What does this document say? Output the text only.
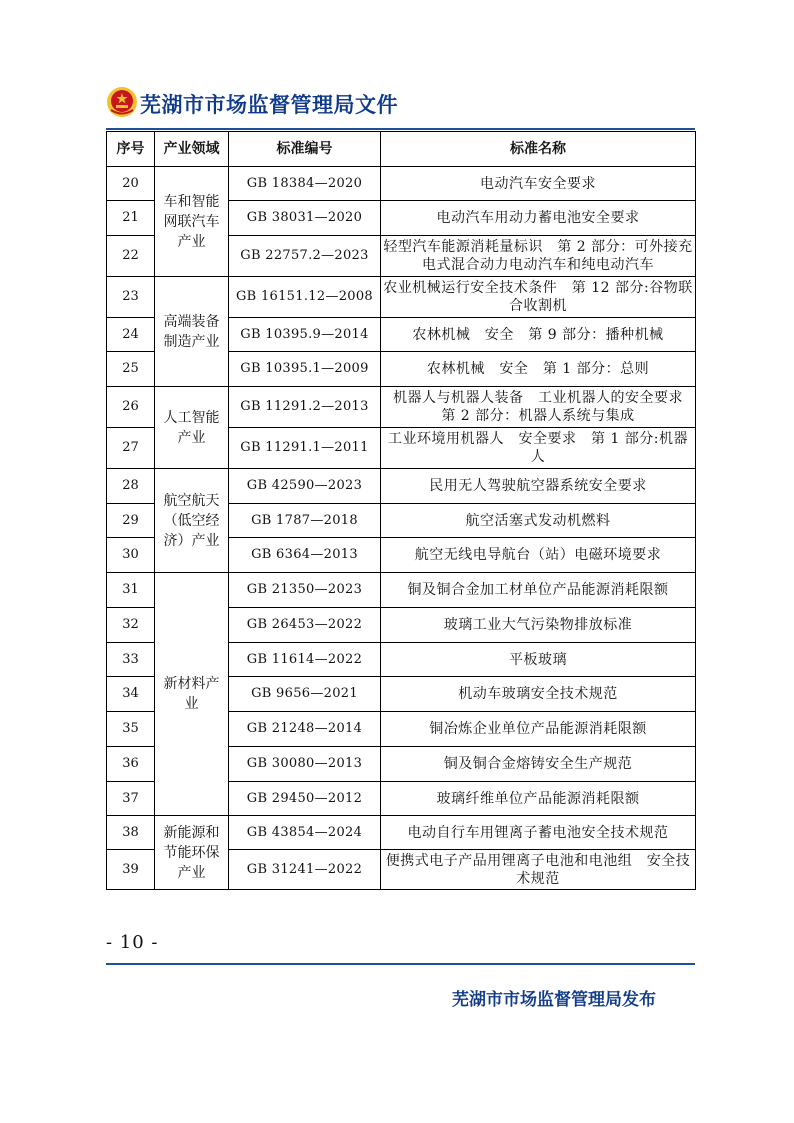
芜湖市市场监督管理局文件
序号	产业领域	标准编号	标准名称
20	车和智能网联汽车产业	GB 18384—2020	电动汽车安全要求
21		GB 38031—2020	电动汽车用动力蓄电池安全要求
22		GB 22757.2—2023	轻型汽车能源消耗量标识　第 2 部分：可外接充电式混合动力电动汽车和纯电动汽车
23	高端装备制造产业	GB 16151.12—2008	农业机械运行安全技术条件　第 12 部分:谷物联合收割机
24		GB 10395.9—2014	农林机械　安全　第 9 部分：播种机械
25		GB 10395.1—2009	农林机械　安全　第 1 部分：总则
26	人工智能产业	GB 11291.2—2013	机器人与机器人装备　工业机器人的安全要求　第 2 部分：机器人系统与集成
27		GB 11291.1—2011	工业环境用机器人　安全要求　第 1 部分:机器人
28	航空航天（低空经济）产业	GB 42590—2023	民用无人驾驶航空器系统安全要求
29		GB 1787—2018	航空活塞式发动机燃料
30		GB 6364—2013	航空无线电导航台（站）电磁环境要求
31	新材料产业	GB 21350—2023	铜及铜合金加工材单位产品能源消耗限额
32		GB 26453—2022	玻璃工业大气污染物排放标准
33		GB 11614—2022	平板玻璃
34		GB 9656—2021	机动车玻璃安全技术规范
35		GB 21248—2014	铜冶炼企业单位产品能源消耗限额
36		GB 30080—2013	铜及铜合金熔铸安全生产规范
37		GB 29450—2012	玻璃纤维单位产品能源消耗限额
38	新能源和节能环保产业	GB 43854—2024	电动自行车用锂离子蓄电池安全技术规范
39		GB 31241—2022	便携式电子产品用锂离子电池和电池组　安全技术规范
- 10 -
芜湖市市场监督管理局发布
